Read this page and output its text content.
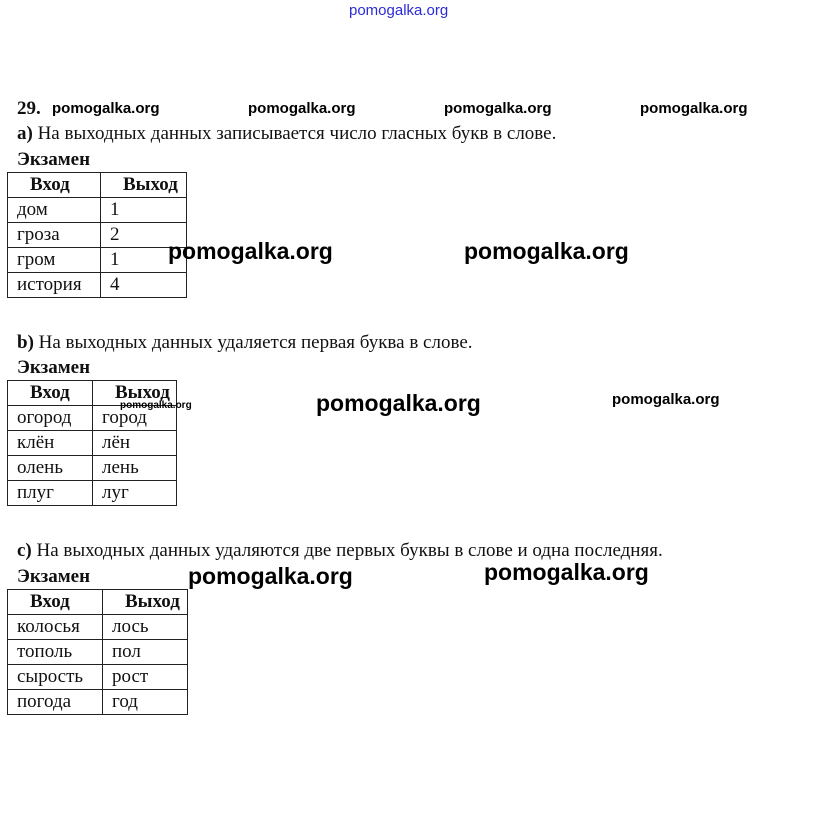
pomogalka.org
29. pomogalka.org	pomogalka.org	pomogalka.org	pomogalka.org
a) На выходных данных записывается число гласных букв в слове.
Экзамен
Вход	Выход
дом	1
гроза	2
гром	1
история	4
pomogalka.org	pomogalka.org
b) На выходных данных удаляется первая буква в слове.
Экзамен
Вход	Выход
огород	город
клён	лён
олень	лень
плуг	луг
pomogalka.org	pomogalka.org	pomogalka.org
c) На выходных данных удаляются две первых буквы в слове и одна последняя.
Экзамен	pomogalka.org	pomogalka.org
Вход	Выход
колосья	лось
тополь	пол
сырость	рост
погода	год
